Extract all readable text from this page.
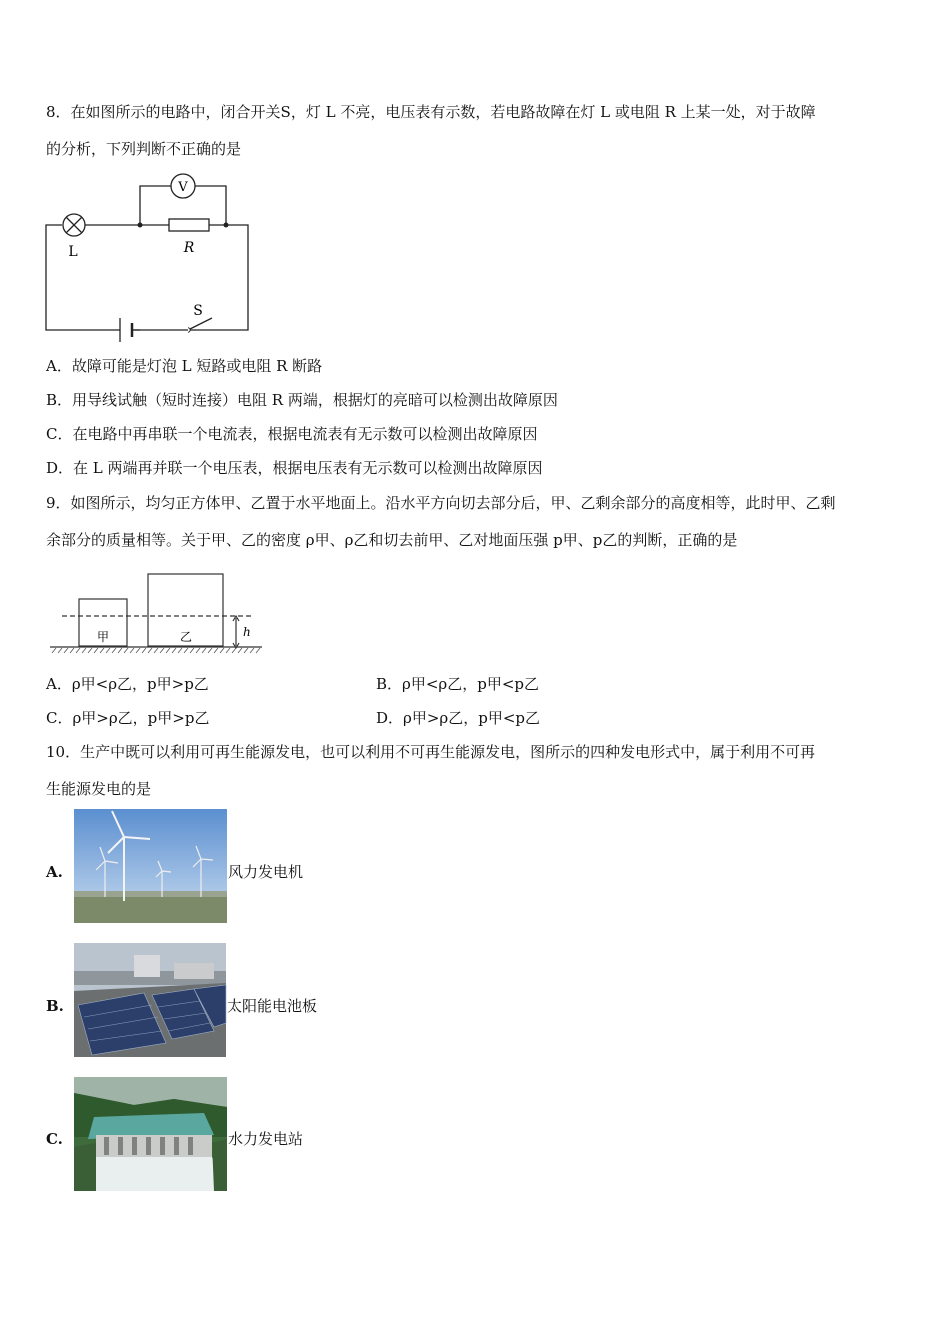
8．在如图所示的电路中，闭合开关S，灯 L 不亮，电压表有示数，若电路故障在灯 L 或电阻 R 上某一处，对于故障
的分析，下列判断不正确的是
V
L	R
S
A．故障可能是灯泡 L 短路或电阻 R 断路
B．用导线试触（短时连接）电阻 R 两端，根据灯的亮暗可以检测出故障原因
C．在电路中再串联一个电流表，根据电流表有无示数可以检测出故障原因
D．在 L 两端再并联一个电压表，根据电压表有无示数可以检测出故障原因
9．如图所示，均匀正方体甲、乙置于水平地面上。沿水平方向切去部分后，甲、乙剩余部分的高度相等，此时甲、乙剩
余部分的质量相等。关于甲、乙的密度 ρ甲、ρ乙和切去前甲、乙对地面压强 p甲、p乙的判断，正确的是
甲	乙	h
A．ρ甲<ρ乙，p甲>p乙	B．ρ甲<ρ乙，p甲<p乙
C．ρ甲>ρ乙，p甲>p乙	D．ρ甲>ρ乙，p甲<p乙
10．生产中既可以利用可再生能源发电，也可以利用不可再生能源发电，图所示的四种发电形式中，属于利用不可再
生能源发电的是
A.	风力发电机
B.	太阳能电池板
C.	水力发电站
